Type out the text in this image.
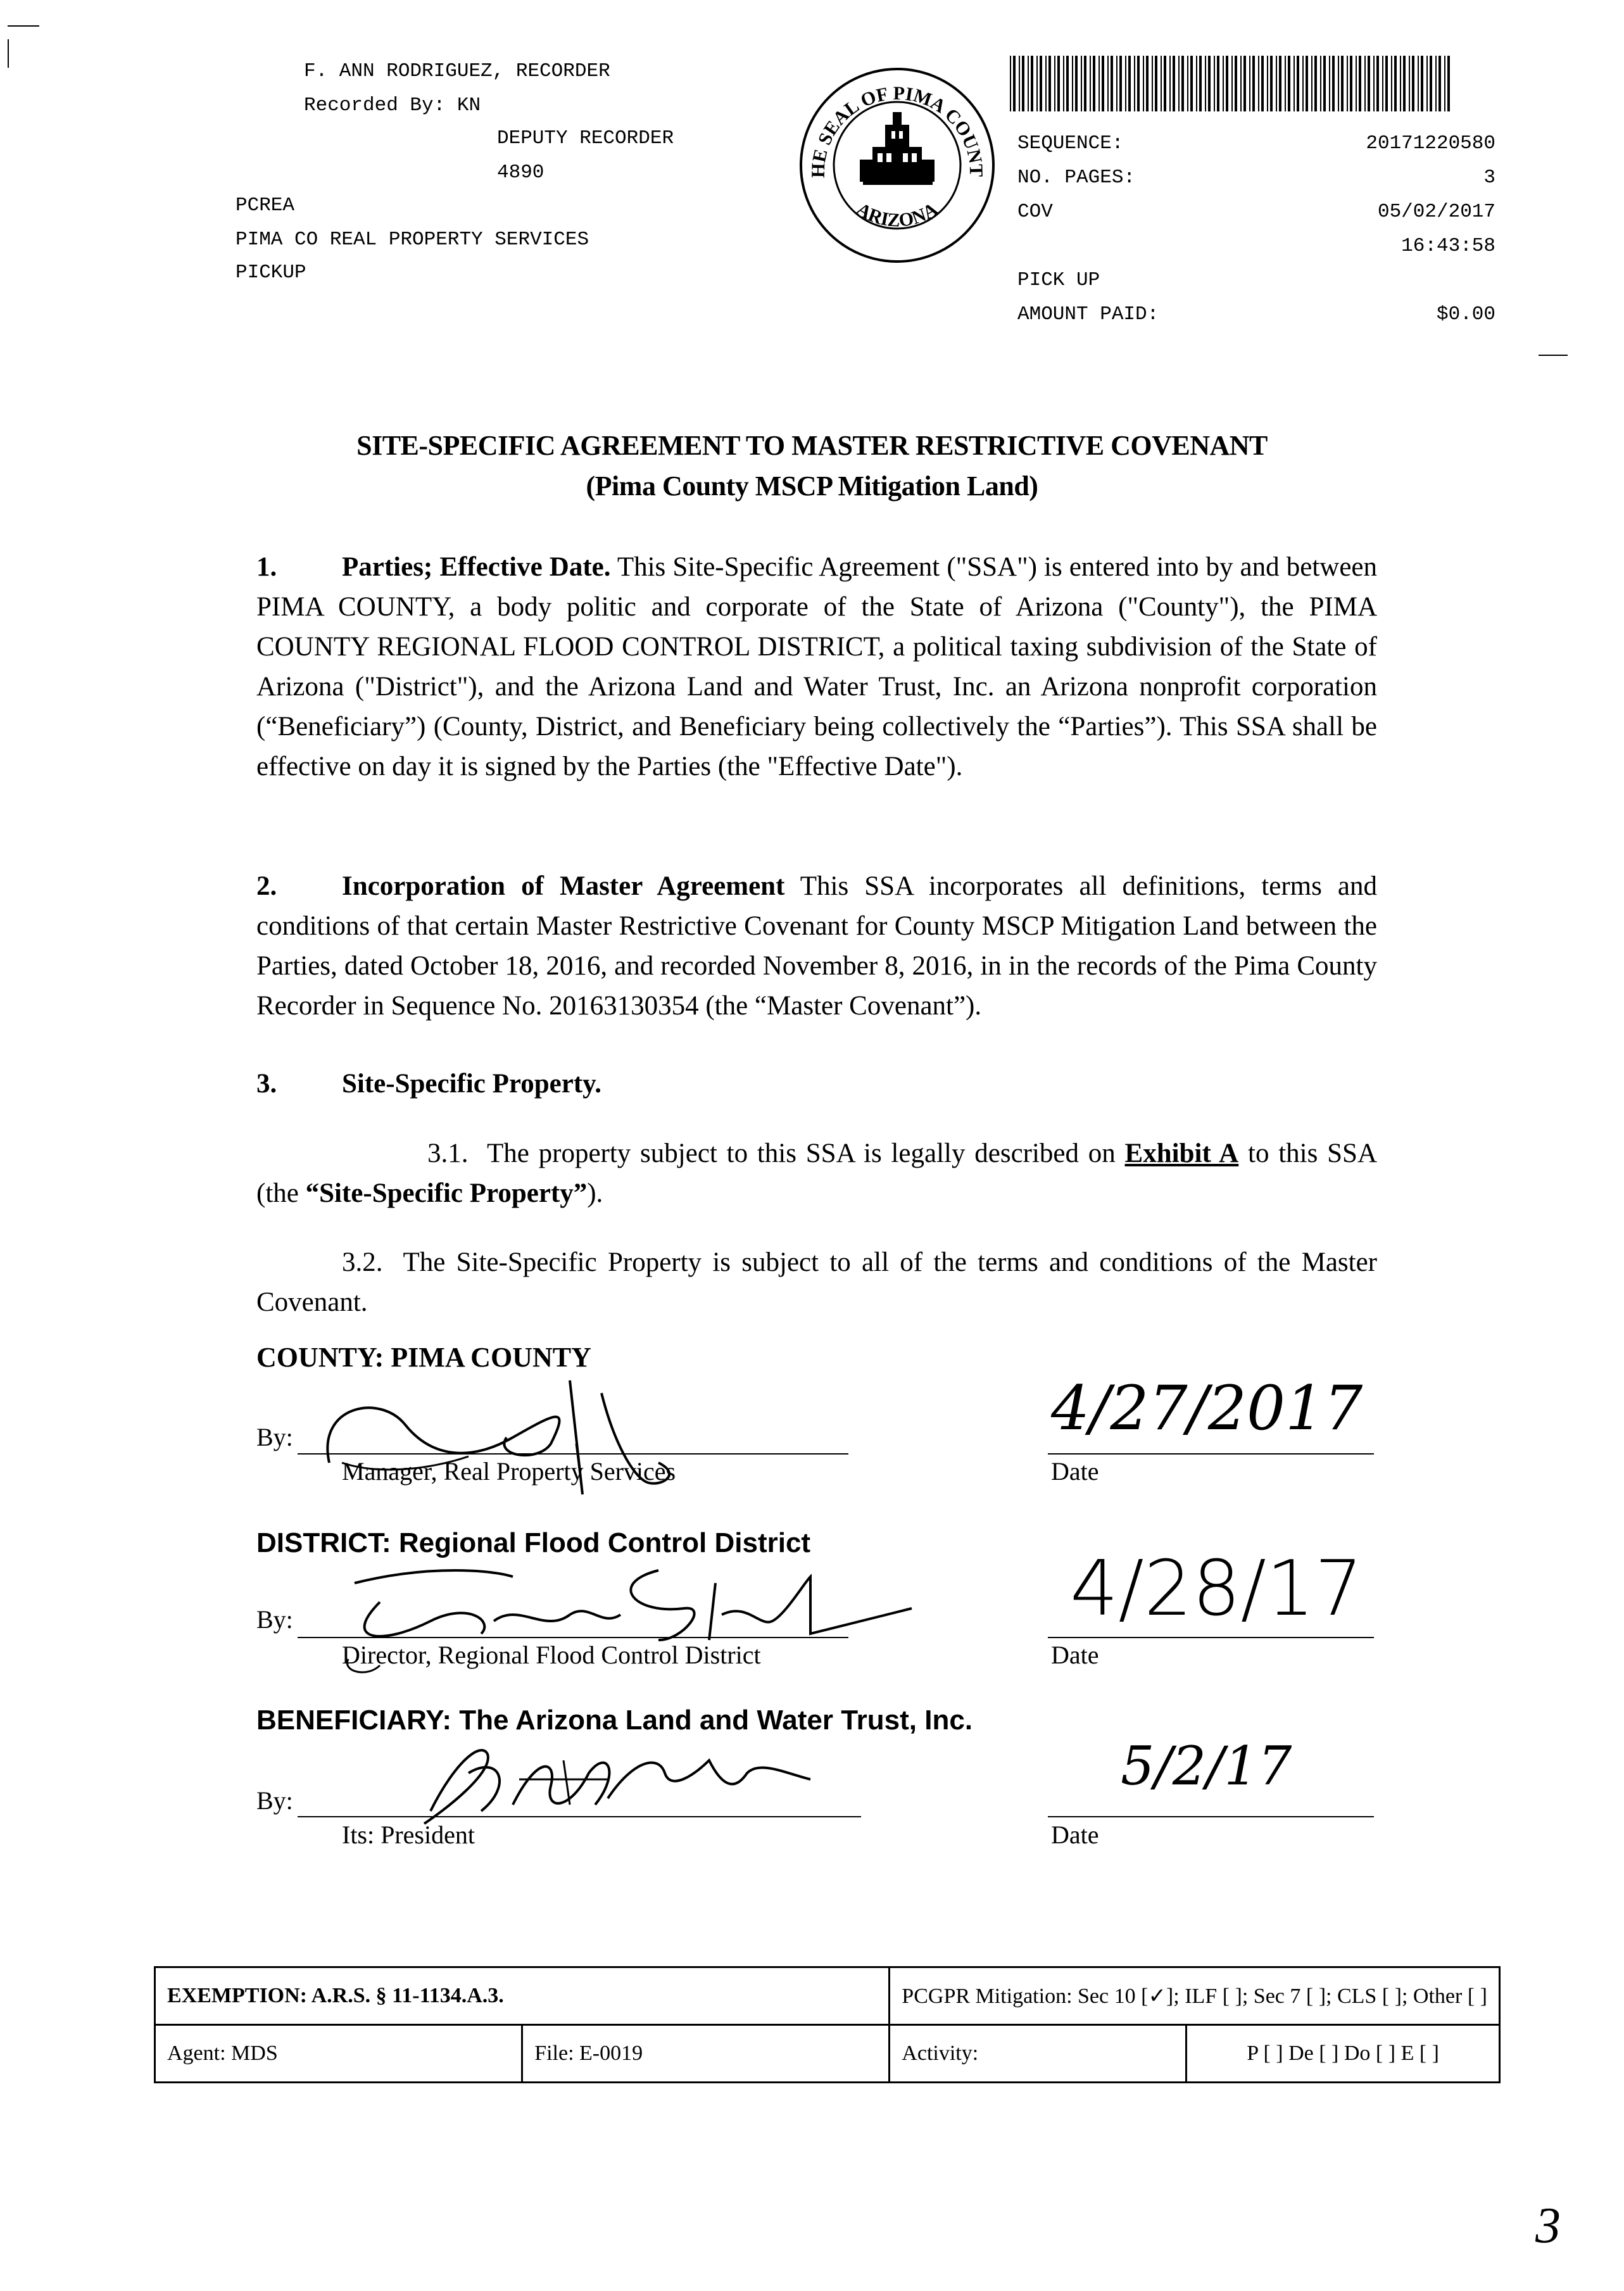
F. ANN RODRIGUEZ, RECORDER
Recorded By: KN
DEPUTY RECORDER
4890
PCREA
PIMA CO REAL PROPERTY SERVICES
PICKUP
HE SEAL OF PIMA COUNT
ARIZONA
SEQUENCE:	20171220580
NO. PAGES:	3
COV	05/02/2017
16:43:58
PICK UP
AMOUNT PAID:	$0.00
SITE-SPECIFIC AGREEMENT TO MASTER RESTRICTIVE COVENANT
(Pima County MSCP Mitigation Land)
1. Parties; Effective Date. This Site-Specific Agreement ("SSA") is entered into by and between PIMA COUNTY, a body politic and corporate of the State of Arizona ("County"), the PIMA COUNTY REGIONAL FLOOD CONTROL DISTRICT, a political taxing subdivision of the State of Arizona ("District"), and the Arizona Land and Water Trust, Inc. an Arizona nonprofit corporation (“Beneficiary”) (County, District, and Beneficiary being collectively the “Parties”). This SSA shall be effective on day it is signed by the Parties (the "Effective Date").
2. Incorporation of Master Agreement This SSA incorporates all definitions, terms and conditions of that certain Master Restrictive Covenant for County MSCP Mitigation Land between the Parties, dated October 18, 2016, and recorded November 8, 2016, in in the records of the Pima County Recorder in Sequence No. 20163130354 (the “Master Covenant”).
3. Site-Specific Property.
3.1. The property subject to this SSA is legally described on Exhibit A to this SSA (the “Site-Specific Property”).
3.2. The Site-Specific Property is subject to all of the terms and conditions of the Master Covenant.
COUNTY: PIMA COUNTY
By:
Manager, Real Property Services	Date
4/27/2017
DISTRICT: Regional Flood Control District
By:
Director, Regional Flood Control District	Date
4/28/17
BENEFICIARY: The Arizona Land and Water Trust, Inc.
By:
Its: President	Date
5/2/17
EXEMPTION: A.R.S. § 11-1134.A.3.		PCGPR Mitigation: Sec 10 [✓]; ILF [ ]; Sec 7 [ ]; CLS [ ]; Other [ ]	
Agent: MDS	File: E-0019	Activity:	P [ ] De [ ] Do [ ] E [ ]
3
